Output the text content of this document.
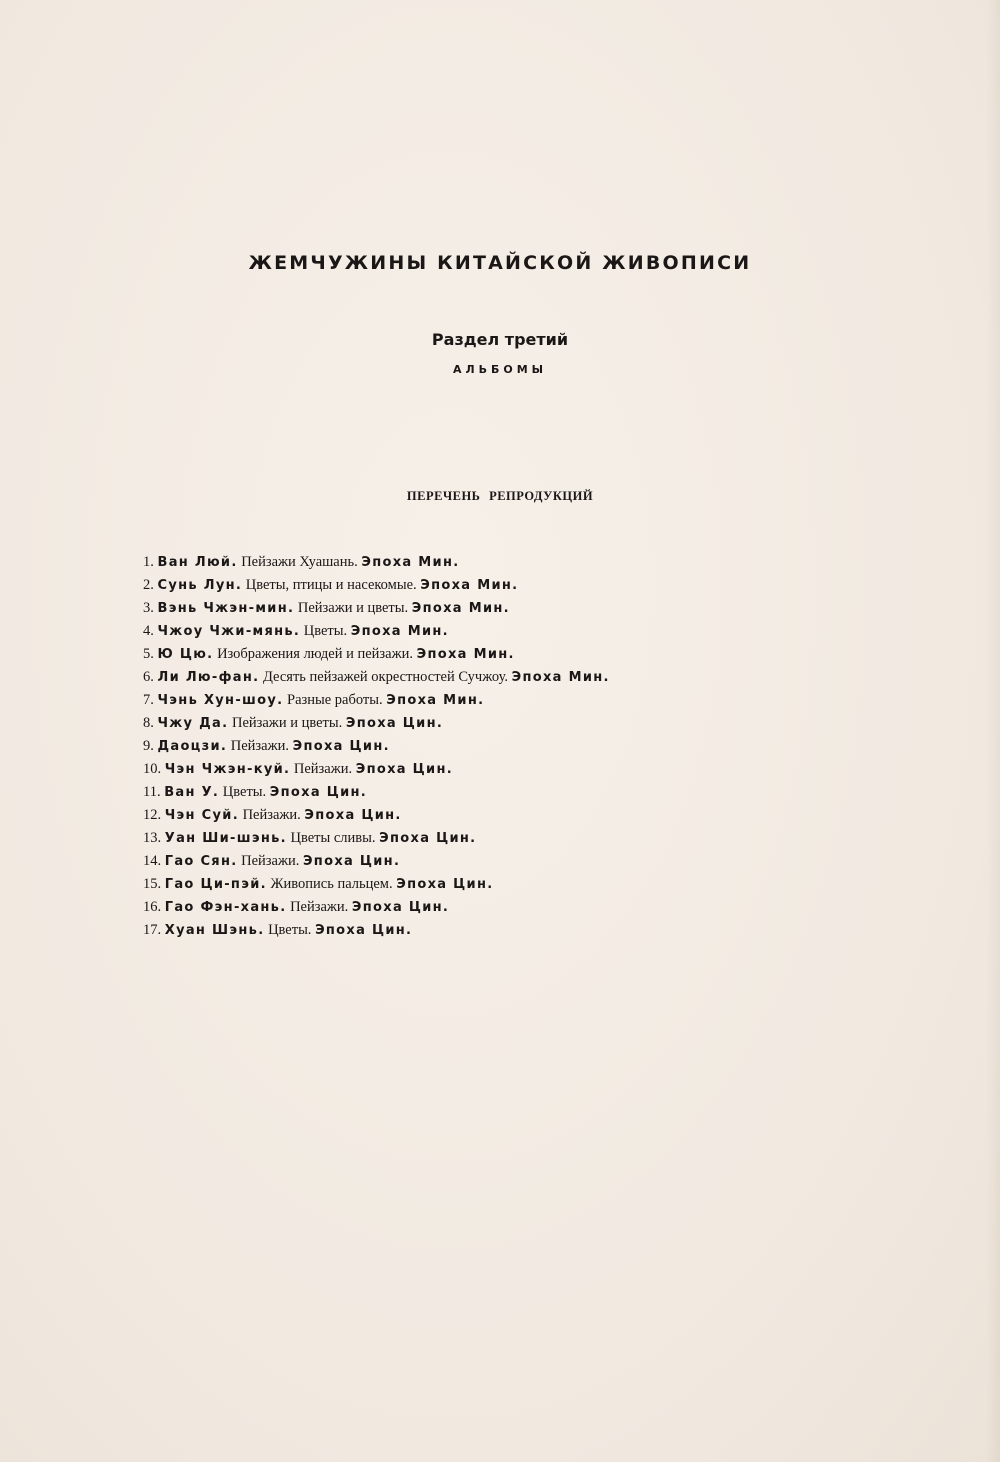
ЖЕМЧУЖИНЫ КИТАЙСКОЙ ЖИВОПИСИ
Раздел третий
АЛЬБОМЫ
ПЕРЕЧЕНЬ РЕПРОДУКЦИЙ
1. Ван Люй. Пейзажи Хуашань. Эпоха Мин.
2. Сунь Лун. Цветы, птицы и насекомые. Эпоха Мин.
3. Вэнь Чжэн-мин. Пейзажи и цветы. Эпоха Мин.
4. Чжоу Чжи-мянь. Цветы. Эпоха Мин.
5. Ю Цю. Изображения людей и пейзажи. Эпоха Мин.
6. Ли Лю-фан. Десять пейзажей окрестностей Сучжоу. Эпоха Мин.
7. Чэнь Хун-шоу. Разные работы. Эпоха Мин.
8. Чжу Да. Пейзажи и цветы. Эпоха Цин.
9. Даоцзи. Пейзажи. Эпоха Цин.
10. Чэн Чжэн-куй. Пейзажи. Эпоха Цин.
11. Ван У. Цветы. Эпоха Цин.
12. Чэн Суй. Пейзажи. Эпоха Цин.
13. Уан Ши-шэнь. Цветы сливы. Эпоха Цин.
14. Гао Сян. Пейзажи. Эпоха Цин.
15. Гао Ци-пэй. Живопись пальцем. Эпоха Цин.
16. Гао Фэн-хань. Пейзажи. Эпоха Цин.
17. Хуан Шэнь. Цветы. Эпоха Цин.
